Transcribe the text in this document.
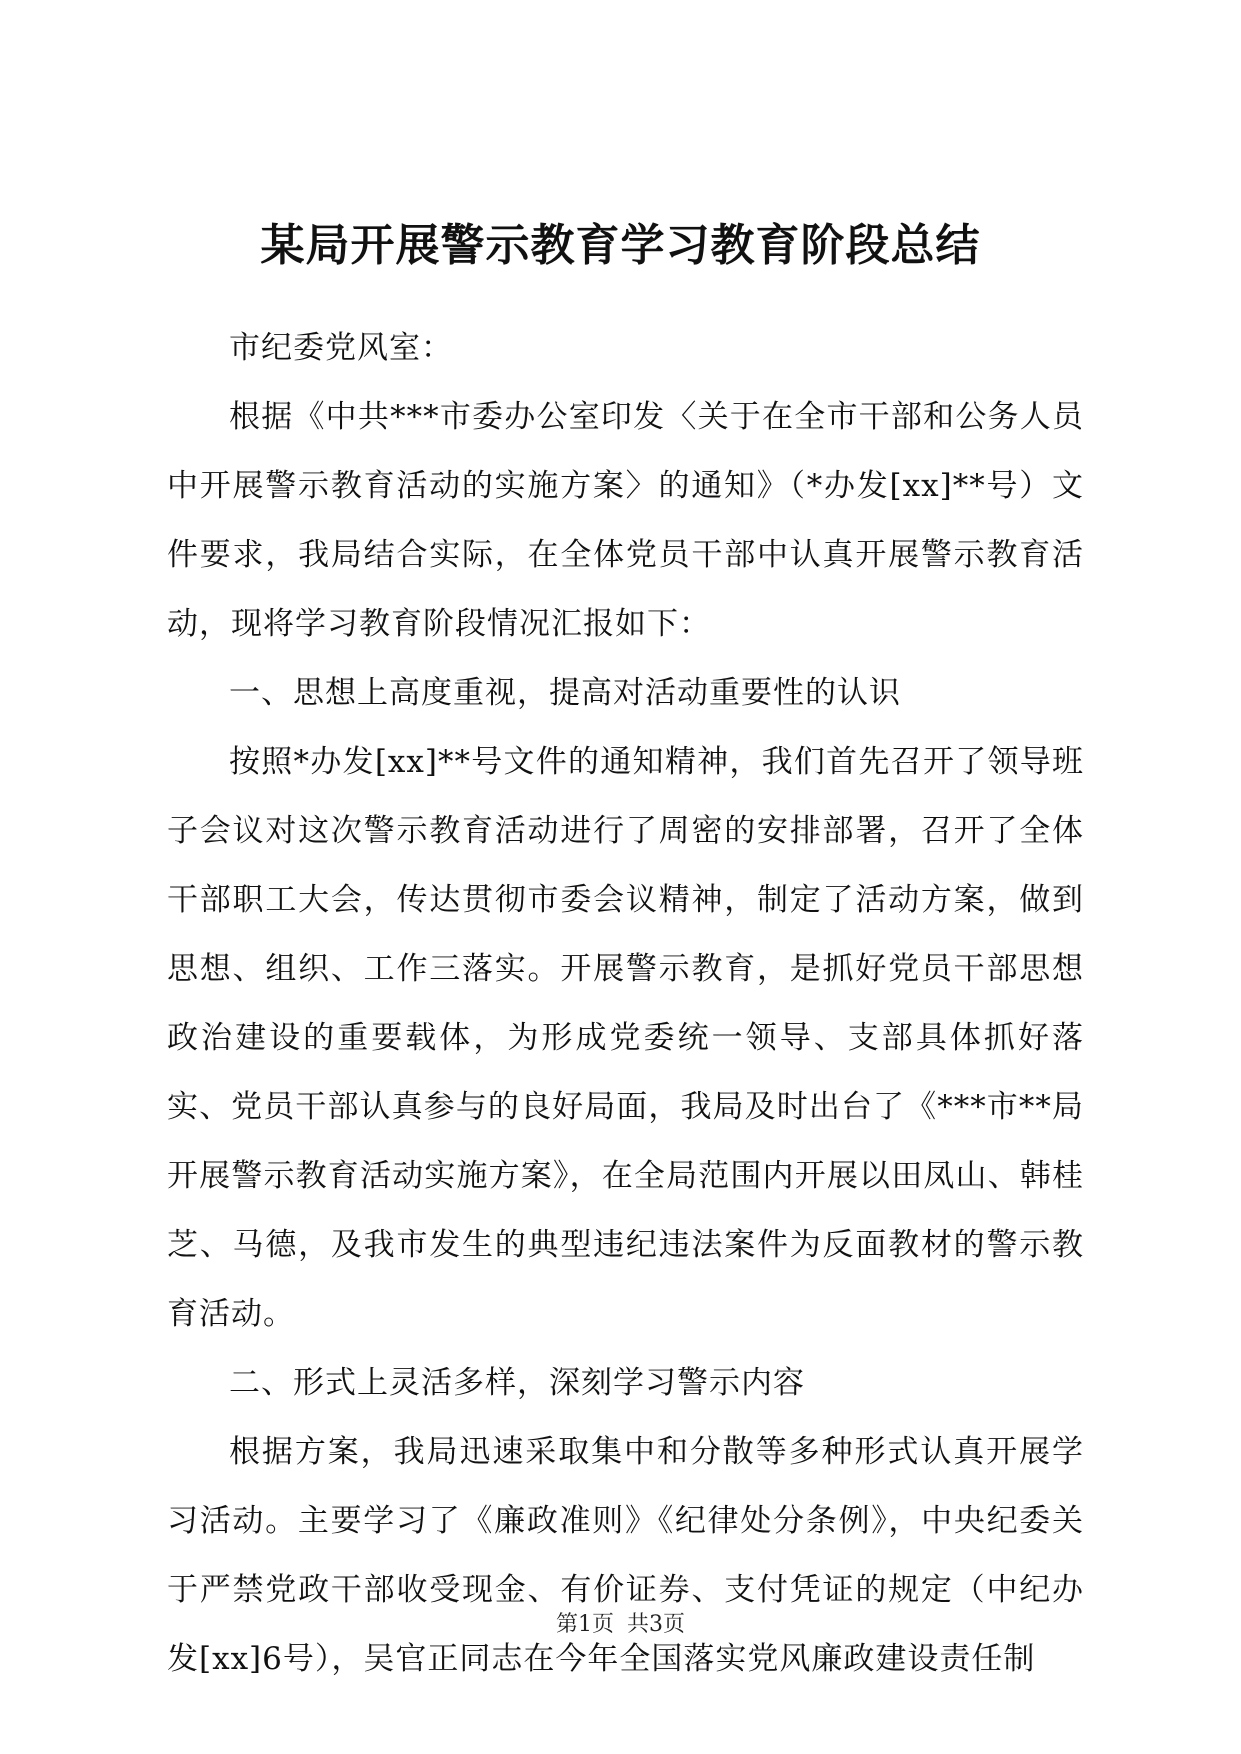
某局开展警示教育学习教育阶段总结

市纪委党风室：

根据《中共***市委办公室印发〈关于在全市干部和公务人员中开展警示教育活动的实施方案〉的通知》（*办发[xx]**号）文件要求，我局结合实际，在全体党员干部中认真开展警示教育活动，现将学习教育阶段情况汇报如下：

一、思想上高度重视，提高对活动重要性的认识

按照*办发[xx]**号文件的通知精神，我们首先召开了领导班子会议对这次警示教育活动进行了周密的安排部署，召开了全体干部职工大会，传达贯彻市委会议精神，制定了活动方案，做到思想、组织、工作三落实。开展警示教育，是抓好党员干部思想政治建设的重要载体，为形成党委统一领导、支部具体抓好落实、党员干部认真参与的良好局面，我局及时出台了《***市**局开展警示教育活动实施方案》，在全局范围内开展以田凤山、韩桂芝、马德，及我市发生的典型违纪违法案件为反面教材的警示教育活动。

二、形式上灵活多样，深刻学习警示内容

根据方案，我局迅速采取集中和分散等多种形式认真开展学习活动。主要学习了《廉政准则》《纪律处分条例》，中央纪委关于严禁党政干部收受现金、有价证券、支付凭证的规定（中纪办发[xx]6号），吴官正同志在今年全国落实党风廉政建设责任制

第1页 共3页
